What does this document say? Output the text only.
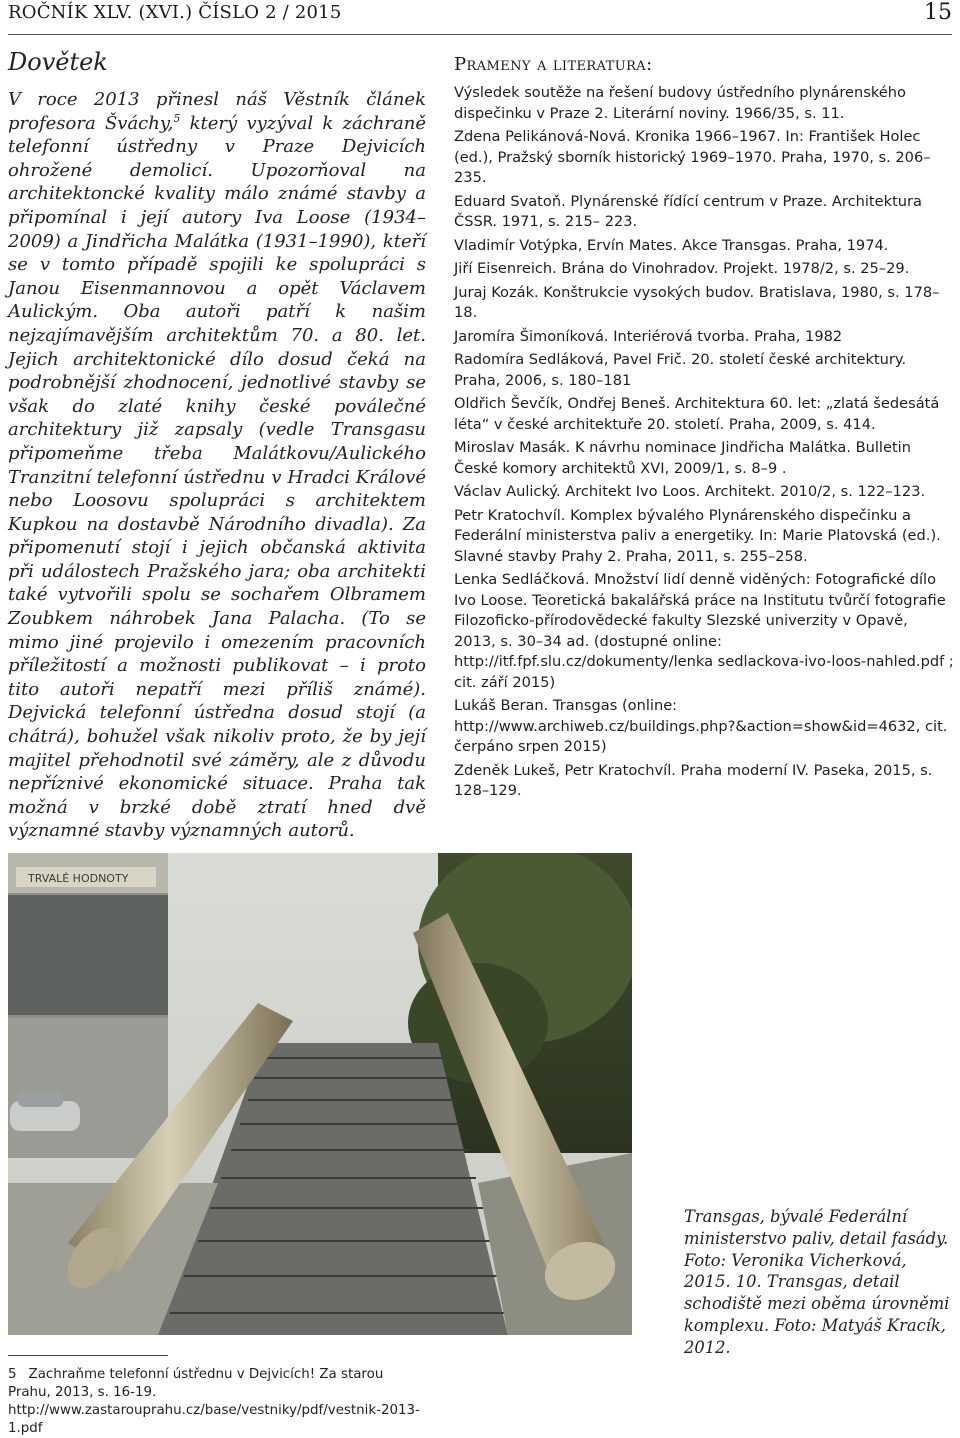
ROČNÍK XLV. (XVI.) ČÍSLO 2 / 2015	15
Dovětek

V roce 2013 přinesl náš Věstník článek profesora Šváchy,$^5$ který vyzýval k záchraně telefonní ústředny v Praze Dejvicích ohrožené demolicí. Upozorňoval na architektoncké kvality málo známé stavby a připomínal i její autory Iva Loose (1934–2009) a Jindřicha Malátka (1931–1990), kteří se v tomto případě spojili ke spolupráci s Janou Eisenmannovou a opět Václavem Aulickým. Oba autoři patří k našim nejzajímavějším architektům 70. a 80. let. Jejich architektonické dílo dosud čeká na podrobnější zhodnocení, jednotlivé stavby se však do zlaté knihy české poválečné architektury již zapsaly (vedle Transgasu připomeňme třeba Malátkovu/Aulického Tranzitní telefonní ústřednu v Hradci Králové nebo Loosovu spolupráci s architektem Kupkou na dostavbě Národního divadla). Za připomenutí stojí i jejich občanská aktivita při událostech Pražského jara; oba architekti také vytvořili spolu se sochařem Olbramem Zoubkem náhrobek Jana Palacha. (To se mimo jiné projevilo i omezením pracovních příležitostí a možnosti publikovat – i proto tito autoři nepatří mezi příliš známé). Dejvická telefonní ústředna dosud stojí (a chátrá), bohužel však nikoliv proto, že by její majitel přehodnotil své záměry, ale z důvodu nepříznivé ekonomické situace. Praha tak možná v brzké době ztratí hned dvě významné stavby významných autorů.

Prameny a literatura:
Výsledek soutěže na řešení budovy ústředního plynárenského dispečinku v Praze 2. Literární noviny. 1966/35, s. 11.
Zdena Pelikánová-Nová. Kronika 1966–1967. In: František Holec (ed.), Pražský sborník historický 1969–1970. Praha, 1970, s. 206–235.
Eduard Svatoň. Plynárenské řídící centrum v Praze. Architektura ČSSR. 1971, s. 215– 223.
Vladimír Votýpka, Ervín Mates. Akce Transgas. Praha, 1974.
Jiří Eisenreich. Brána do Vinohradov. Projekt. 1978/2, s. 25–29.
Juraj Kozák. Konštrukcie vysokých budov. Bratislava, 1980, s. 178–18.
Jaromíra Šimoníková. Interiérová tvorba. Praha, 1982
Radomíra Sedláková, Pavel Frič. 20. století české architektury. Praha, 2006, s. 180–181
Oldřich Ševčík, Ondřej Beneš. Architektura 60. let: „zlatá šedesátá léta“ v české architektuře 20. století. Praha, 2009, s. 414.
Miroslav Masák. K návrhu nominace Jindřicha Malátka. Bulletin České komory architektů XVI, 2009/1, s. 8–9 .
Václav Aulický. Architekt Ivo Loos. Architekt. 2010/2, s. 122–123.
Petr Kratochvíl. Komplex bývalého Plynárenského dispečinku a Federální ministerstva paliv a energetiky. In: Marie Platovská (ed.). Slavné stavby Prahy 2. Praha, 2011, s. 255–258.
Lenka Sedláčková. Množství lidí denně viděných: Fotografické dílo Ivo Loose. Teoretická bakalářská práce na Institutu tvůrčí fotografie Filozoficko-přírodovědecké fakulty Slezské univerzity v Opavě, 2013, s. 30–34 ad. (dostupné online: http://itf.fpf.slu.cz/dokumenty/lenka sedlackova-ivo-loos-nahled.pdf ; cit. září 2015)
Lukáš Beran. Transgas (online: http://www.archiweb.cz/buildings.php?&action=show&id=4632, cit. čerpáno srpen 2015)
Zdeněk Lukeš, Petr Kratochvíl. Praha moderní IV. Paseka, 2015, s. 128–129.
TRVALÉ HODNOTY
Transgas, bývalé Federální ministerstvo paliv, detail fasády. Foto: Veronika Vicherková, 2015. 10. Transgas, detail schodiště mezi oběma úrovněmi komplexu. Foto: Matyáš Kracík, 2012.
5 Zachraňme telefonní ústřednu v Dejvicích! Za starou Prahu, 2013, s. 16-19. http://www.zastarouprahu.cz/base/vestniky/pdf/vestnik-2013-1.pdf
